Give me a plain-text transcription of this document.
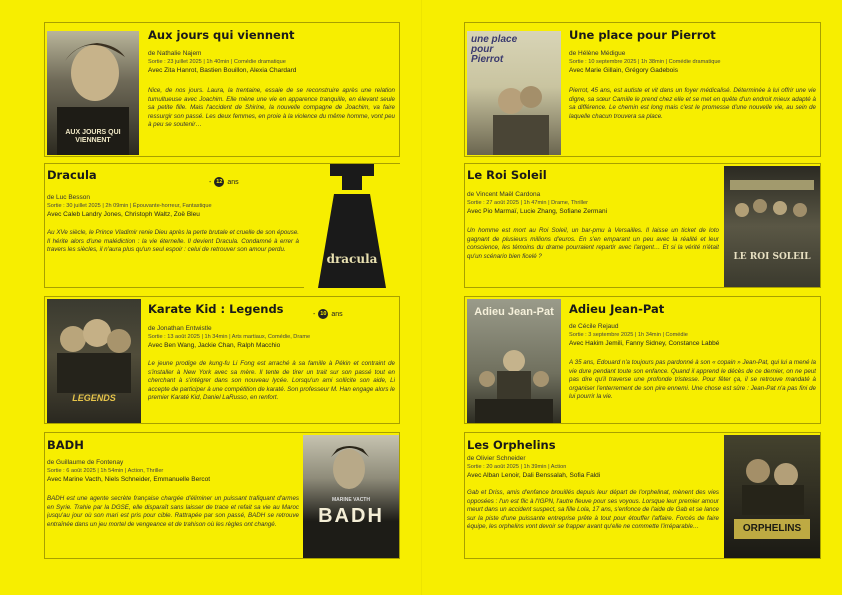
AUX JOURS QUI VIENNENT
Aux jours qui viennent
de Nathalie Najem
Sortie : 23 juillet 2025 | 1h 40min | Comédie dramatique
Avec Zita Hanrot, Bastien Bouillon, Alexia Chardard
Nice, de nos jours. Laura, la trentaine, essaie de se reconstruire après une relation tumultueuse avec Joachim. Elle mène une vie en apparence tranquille, en élevant seule sa petite fille. Mais l'accident de Shirine, la nouvelle compagne de Joachim, va faire ressurgir son passé. Les deux femmes, en proie à la violence du même homme, vont peu à peu se soutenir…
Dracula	- 12 ans
de Luc Besson
Sortie : 30 juillet 2025 | 2h 09min | Épouvante-horreur, Fantastique
Avec Caleb Landry Jones, Christoph Waltz, Zoë Bleu
Au XVe siècle, le Prince Vladimir renie Dieu après la perte brutale et cruelle de son épouse. Il hérite alors d'une malédiction : la vie éternelle. Il devient Dracula. Condamné à errer à travers les siècles, il n'aura plus qu'un seul espoir : celui de retrouver son amour perdu.
dracula
LEGENDS
Karate Kid : Legends	- 10 ans
de Jonathan Entwistle
Sortie : 13 août 2025 | 1h 34min | Arts martiaux, Comédie, Drame
Avec Ben Wang, Jackie Chan, Ralph Macchio
Le jeune prodige de kung-fu Li Fong est arraché à sa famille à Pékin et contraint de s'installer à New York avec sa mère. Il tente de tirer un trait sur son passé tout en cherchant à s'intégrer dans son nouveau lycée. Lorsqu'un ami sollicite son aide, Li accepte de participer à une compétition de karaté. Son professeur M. Han engage alors le premier Karaté Kid, Daniel LaRusso, en renfort.
BADH
de Guillaume de Fontenay
Sortie : 6 août 2025 | 1h 54min | Action, Thriller
Avec Marine Vacth, Niels Schneider, Emmanuelle Bercot
BADH est une agente secrète française chargée d'éliminer un puissant trafiquant d'armes en Syrie. Trahie par la DGSE, elle disparaît sans laisser de trace et refait sa vie au Maroc jusqu'au jour où son mari est pris pour cible. Rattrapée par son passé, BADH se retrouve entraînée dans un jeu mortel de vengeance et de trahison où les règles ont changé.
MARINE VACTH
BADH
une place pour Pierrot
Une place pour Pierrot
de Hélène Médigue
Sortie : 10 septembre 2025 | 1h 38min | Comédie dramatique
Avec Marie Gillain, Grégory Gadebois
Pierrot, 45 ans, est autiste et vit dans un foyer médicalisé. Déterminée à lui offrir une vie digne, sa sœur Camille le prend chez elle et se met en quête d'un endroit mieux adapté à sa différence. Le chemin est long mais c'est le promesse d'une nouvelle vie, au sein de laquelle chacun trouvera sa place.
Le Roi Soleil
de Vincent Maël Cardona
Sortie : 27 août 2025 | 1h 47min | Drame, Thriller
Avec Pio Marmaï, Lucie Zhang, Sofiane Zermani
Un homme est mort au Roi Soleil, un bar-pmu à Versailles. Il laisse un ticket de loto gagnant de plusieurs millions d'euros. En s'en emparant un peu avec la réalité et leur conscience, les témoins du drame pourraient repartir avec l'argent… Et si la vérité n'était qu'un scénario bien ficelé ?	LE ROI SOLEIL
Adieu Jean-Pat	Adieu Jean-Pat
de Cécile Rejaud
Sortie : 3 septembre 2025 | 1h 34min | Comédie
Avec Hakim Jemili, Fanny Sidney, Constance Labbé
A 35 ans, Édouard n'a toujours pas pardonné à son « copain » Jean-Pat, qui lui a mené la vie dure pendant toute son enfance. Quand il apprend le décès de ce dernier, on ne peut pas dire qu'il traverse une profonde tristesse. Pour fêter ça, il se retrouve mandaté à organiser l'enterrement de son pire ennemi. Une chose est sûre : Jean-Pat n'a pas fini de lui pourrir la vie.
Les Orphelins
de Olivier Schneider
Sortie : 20 août 2025 | 1h 39min | Action
Avec Alban Lenoir, Dali Benssalah, Sofia Faldi
Gab et Driss, amis d'enfance brouillés depuis leur départ de l'orphelinat, mènent des vies opposées : l'un est flic à l'IGPN, l'autre fleuve pour ses voyous. Lorsque leur premier amour meurt dans un accident suspect, sa fille Lola, 17 ans, s'enfonce de l'aide de Gab et se lance sur la piste d'une puissante entreprise prête à tout pour étouffer l'affaire. Forcés de faire équipe, les orphelins vont devoir se frapper avant qu'elle ne commette l'irréparable…	ORPHELINS
